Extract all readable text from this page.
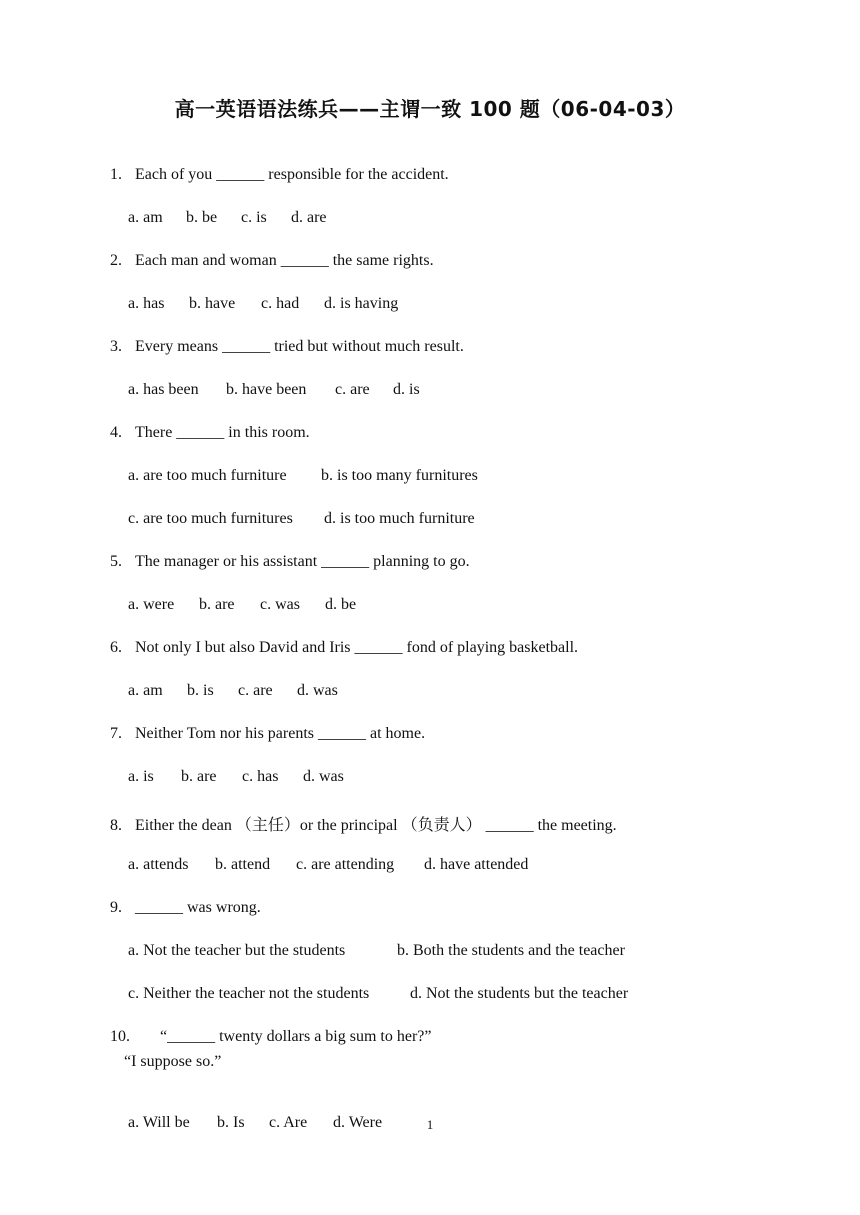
高一英语语法练兵——主谓一致 100 题（06-04-03）

1. Each of you ______ responsible for the accident.

a. am b. be c. is d. are

2. Each man and woman ______ the same rights.

a. has b. have c. had d. is having

3. Every means ______ tried but without much result.

a. has been b. have been c. are d. is

4. There ______ in this room.

a. are too much furniture b. is too many furnitures

c. are too much furnitures d. is too much furniture

5. The manager or his assistant ______ planning to go.

a. were b. are c. was d. be

6. Not only I but also David and Iris ______ fond of playing basketball.

a. am b. is c. are d. was

7. Neither Tom nor his parents ______ at home.

a. is b. are c. has d. was

8. Either the dean （主任）or the principal （负责人） ______ the meeting.

a. attends b. attend c. are attending d. have attended

9. ______ was wrong.

a. Not the teacher but the students	b. Both the students and the teacher

c. Neither the teacher not the students	d. Not the students but the teacher

10. “______ twenty dollars a big sum to her?”

“I suppose so.”

a. Will be b. Is c. Are d. Were
	1
